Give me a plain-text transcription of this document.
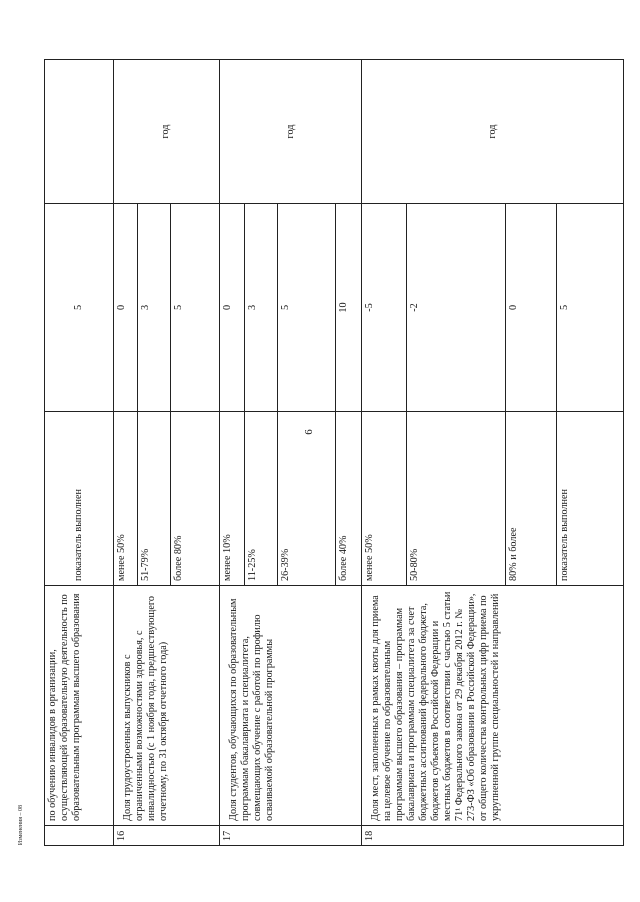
6
	по обучению инвалидов в организации, осуществляющей образовательную деятельность по образовательным программам высшего образования	показатель выполнен	5	
16	Доля трудоустроенных выпускников с ограниченными возможностями здоровья, с инвалидностью (с 1 ноября года, предшествующего отчетному, по 31 октября отчетного года)	менее 50%	0	год
		51-79%	3	
		более 80%	5	
17	Доля студентов, обучающихся по образовательным программам бакалавриата и специалитета, совмещающих обучение с работой по профилю осваиваемой образовательной программы	менее 10%	0	год
		11-25%	3	
		26-39%	5	
		более 40%	10	
18	Доля мест, заполненных в рамках квоты для приема на целевое обучение по образовательным программам высшего образования – программам бакалавриата и программам специалитета за счет бюджетных ассигнований федерального бюджета, бюджетов субъектов Российской Федерации и местных бюджетов в соответствии с частью 5 статьи 71¹ Федерального закона от 29 декабря 2012 г. № 273-ФЗ «Об образовании в Российской Федерации», от общего количества контрольных цифр приема по укрупненной группе специальностей и направлений	менее 50%	-5	год
		50-80%	-2	
		80% и более	0	
		показатель выполнен	5	
Изменения – 08
